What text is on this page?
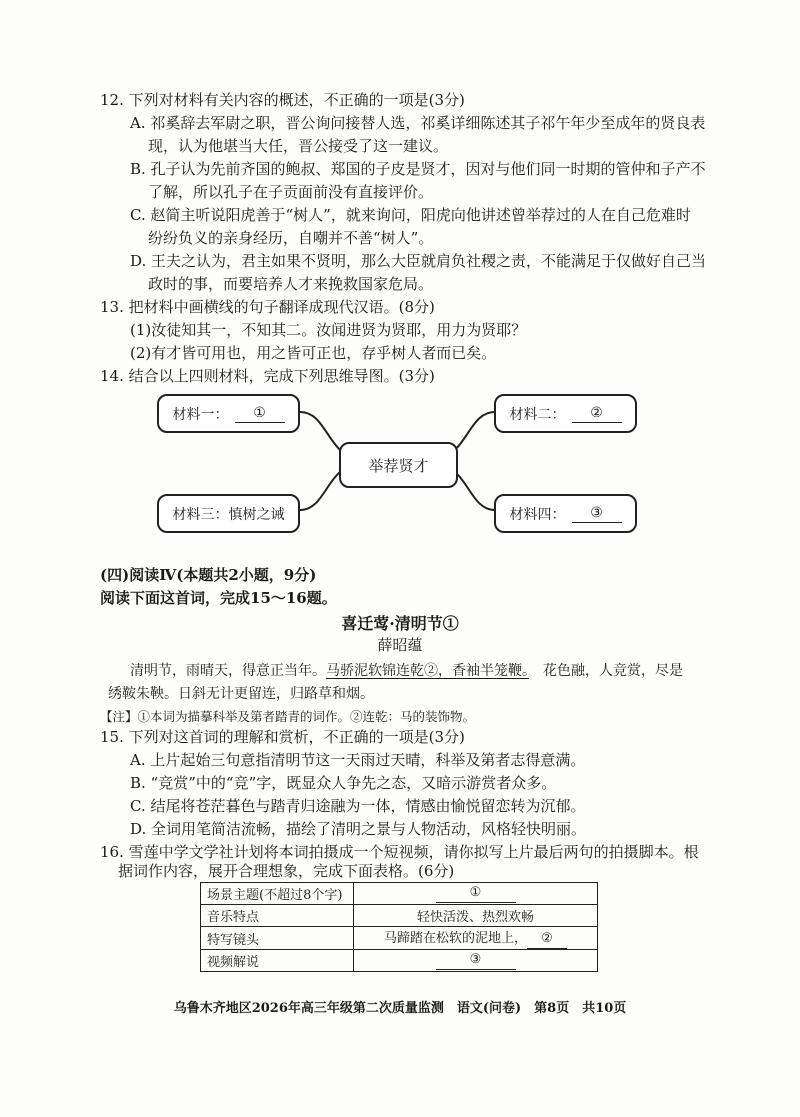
12. 下列对材料有关内容的概述，不正确的一项是(3分)
A. 祁奚辞去军尉之职，晋公询问接替人选，祁奚详细陈述其子祁午年少至成年的贤良表
现，认为他堪当大任，晋公接受了这一建议。
B. 孔子认为先前齐国的鲍叔、郑国的子皮是贤才，因对与他们同一时期的管仲和子产不
了解，所以孔子在子贡面前没有直接评价。
C. 赵简主听说阳虎善于“树人”，就来询问，阳虎向他讲述曾举荐过的人在自己危难时
纷纷负义的亲身经历，自嘲并不善“树人”。
D. 王夫之认为，君主如果不贤明，那么大臣就肩负社稷之责，不能满足于仅做好自己当
政时的事，而要培养人才来挽救国家危局。
13. 把材料中画横线的句子翻译成现代汉语。(8分)
(1)汝徒知其一，不知其二。汝闻进贤为贤耶，用力为贤耶？
(2)有才皆可用也，用之皆可正也，存乎树人者而已矣。
14. 结合以上四则材料，完成下列思维导图。(3分)
材料一：	①
举荐贤才
材料二：	②
材料三：慎树之诫	材料四：	③
(四)阅读Ⅳ(本题共2小题，9分)
阅读下面这首词，完成15～16题。
喜迁莺·清明节①
薛昭蕴
清明节，雨晴天，得意正当年。马骄泥软锦连乾②，香袖半笼鞭。　 花色融，人竞赏，尽是
绣鞍朱鞅。日斜无计更留连，归路草和烟。
【注】①本词为描摹科举及第者踏青的词作。②连乾：马的装饰物。
15. 下列对这首词的理解和赏析，不正确的一项是(3分)
A. 上片起始三句意指清明节这一天雨过天晴，科举及第者志得意满。
B. “竞赏”中的“竞”字，既显众人争先之态，又暗示游赏者众多。
C. 结尾将苍茫暮色与踏青归途融为一体，情感由愉悦留恋转为沉郁。
D. 全词用笔简洁流畅，描绘了清明之景与人物活动，风格轻快明丽。
16. 雪莲中学文学社计划将本词拍摄成一个短视频，请你拟写上片最后两句的拍摄脚本。根
据词作内容，展开合理想象，完成下面表格。(6分)
场景主题(不超过8个字)	①
音乐特点	轻快活泼、热烈欢畅
特写镜头	马蹄踏在松软的泥地上， ②
视频解说	③
乌鲁木齐地区2026年高三年级第二次质量监测　语文(问卷)　第8页　共10页
